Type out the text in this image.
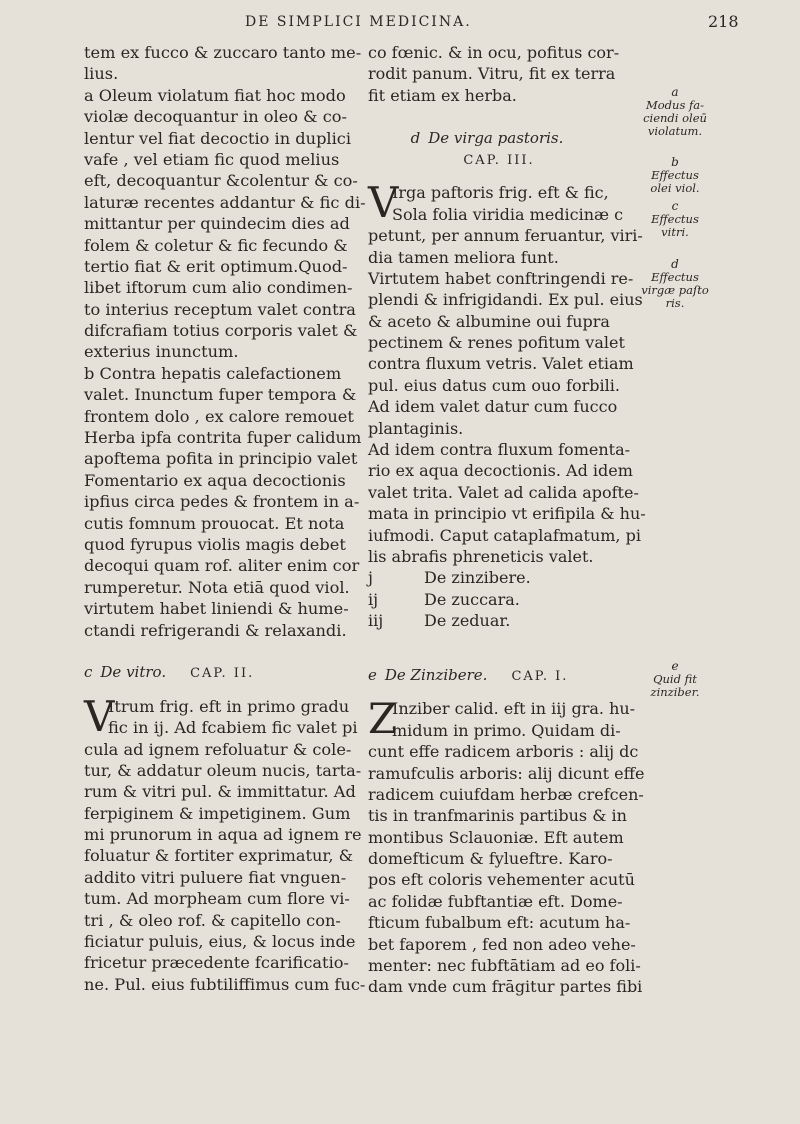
DE SIMPLICI MEDICINA.	218
tem ex fucco & zuccaro tanto me-
lius.
a Oleum violatum fiat hoc modo
violæ decoquantur in oleo & co-
lentur vel fiat decoctio in duplici
vafe , vel etiam fic quod melius
eft, decoquantur &colentur & co-
laturæ recentes addantur & fic di-
mittantur per quindecim dies ad
folem & coletur & fic fecundo &
tertio fiat & erit optimum.Quod-
libet iftorum cum alio condimen-
to interius receptum valet contra
difcrafiam totius corporis valet &
exterius inunctum.
b Contra hepatis calefactionem
valet. Inunctum fuper tempora &
frontem dolo , ex calore remouet
Herba ipfa contrita fuper calidum
apoftema pofita in principio valet
Fomentario ex aqua decoctionis
ipfius circa pedes & frontem in a-
cutis fomnum prouocat. Et nota
quod fyrupus violis magis debet
decoqui quam rof. aliter enim cor
rumperetur. Nota etiā quod viol.
virtutem habet liniendi & hume-
ctandi refrigerandi & relaxandi.
c De vitro. CAP. II.
V
Itrum frig. eft in primo gradu
fic in ij. Ad fcabiem fic valet pi
cula ad ignem refoluatur & cole-
tur, & addatur oleum nucis, tarta-
rum & vitri pul. & immittatur. Ad
ferpiginem & impetiginem. Gum
mi prunorum in aqua ad ignem re
foluatur & fortiter exprimatur, &
addito vitri puluere fiat vnguen-
tum. Ad morpheam cum flore vi-
tri , & oleo rof. & capitello con-
ficiatur puluis, eius, & locus inde
fricetur præcedente fcarificatio-
ne. Pul. eius fubtiliffimus cum fuc-
co fœnic. & in ocu, pofitus cor-
rodit panum. Vitru, fit ex terra
fit etiam ex herba.
d De virga pastoris.
CAP. III.
V
Irga paftoris frig. eft & fic,
Sola folia viridia medicinæ c
petunt, per annum feruantur, viri-
dia tamen meliora funt.
Virtutem habet conftringendi re-
plendi & infrigidandi. Ex pul. eius
& aceto & albumine oui fupra
pectinem & renes pofitum valet
contra fluxum vetris. Valet etiam
pul. eius datus cum ouo forbili.
Ad idem valet datur cum fucco
plantaginis.
Ad idem contra fluxum fomenta-
rio ex aqua decoctionis. Ad idem
valet trita. Valet ad calida apofte-
mata in principio vt erifipila & hu-
iufmodi. Caput cataplafmatum, pi
lis abrafis phreneticis valet.
j	De zinzibere.
ij	De zuccara.
iij	De zeduar.
e De Zinzibere. CAP. I.
Z
Inziber calid. eft in iij gra. hu-
midum in primo. Quidam di-
cunt effe radicem arboris : alij dc
ramufculis arboris: alij dicunt effe
radicem cuiufdam herbæ crefcen-
tis in tranfmarinis partibus & in
montibus Sclauoniæ. Eft autem
domefticum & fylueftre. Karo-
pos eft coloris vehementer acutū
ac folidæ fubftantiæ eft. Dome-
fticum fubalbum eft: acutum ha-
bet faporem , fed non adeo vehe-
menter: nec fubftātiam ad eo foli-
dam vnde cum frāgitur partes fibi
a
Modus fa-
ciendi oleū
violatum.
b
Effectus
olei viol.
c
Effectus
vitri.
d
Effectus
virgæ paſto
ris.
e
Quid fit
zinziber.
